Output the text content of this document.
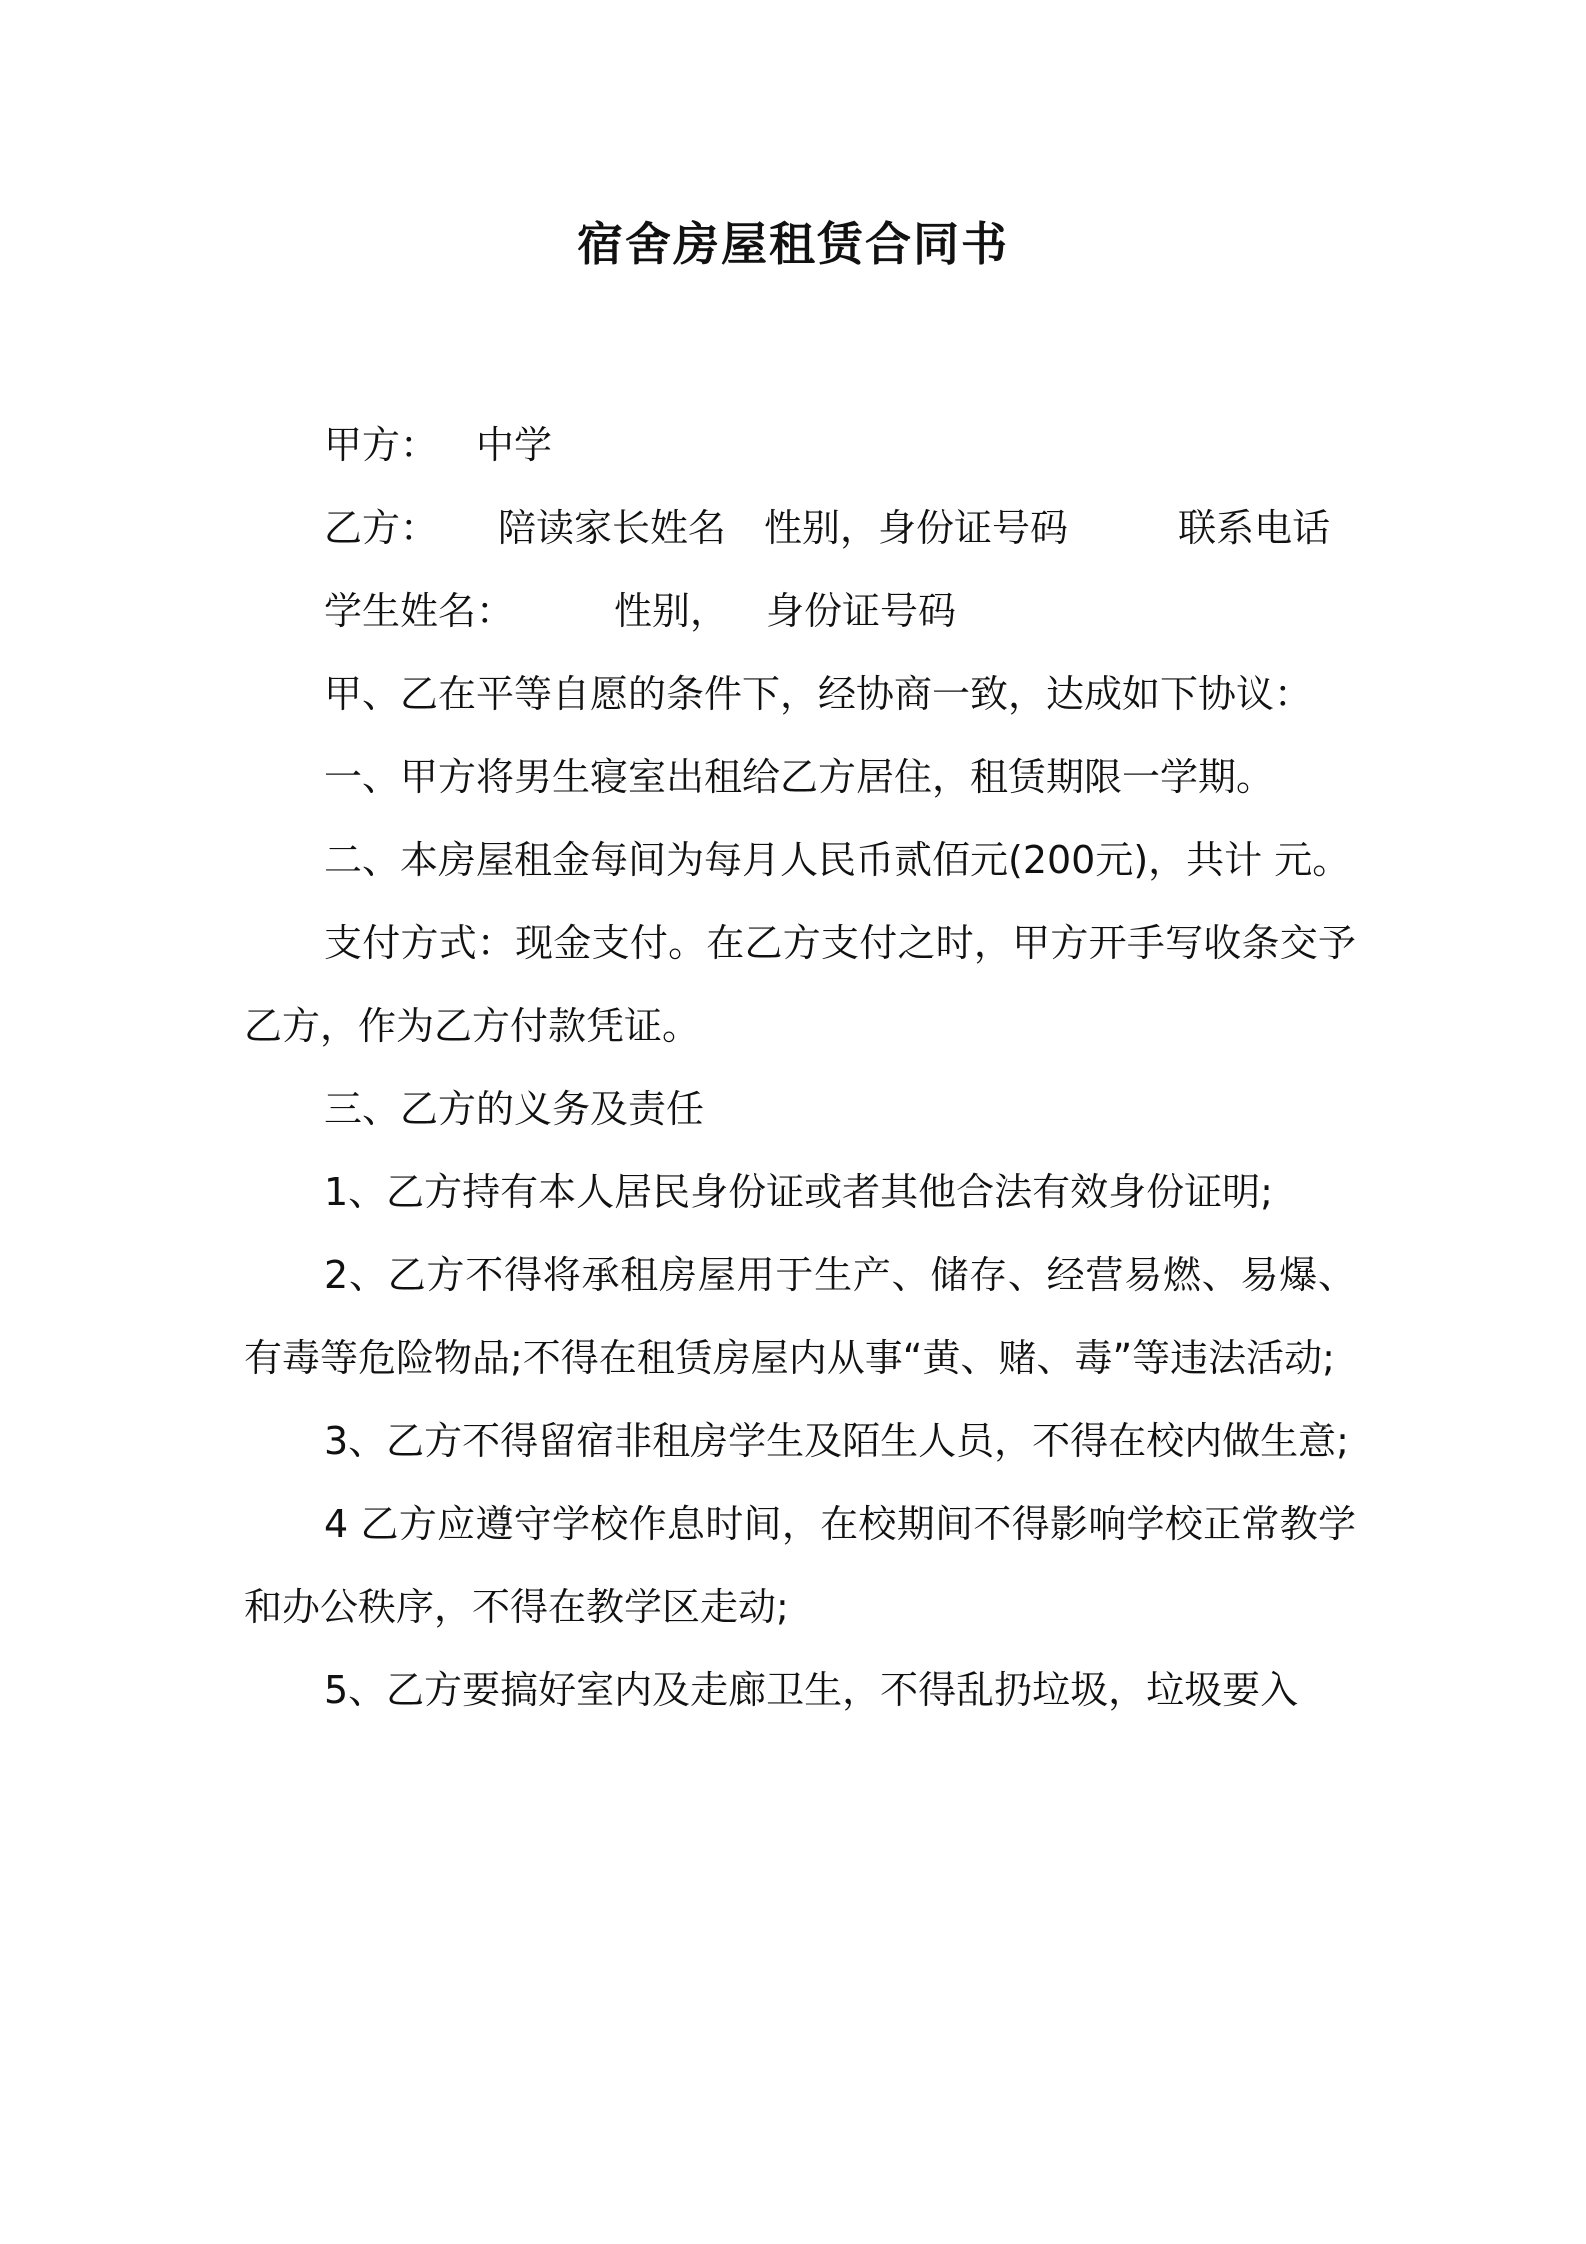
宿舍房屋租赁合同书

甲方： 中学

乙方： 陪读家长姓名 性别，身份证号码	联系电话

学生姓名：	性别， 身份证号码

甲、乙在平等自愿的条件下，经协商一致，达成如下协议：

一、甲方将男生寝室出租给乙方居住，租赁期限一学期。

二、本房屋租金每间为每月人民币贰佰元(200元)，共计 元。

支付方式：现金支付。在乙方支付之时，甲方开手写收条交予乙方，作为乙方付款凭证。

三、乙方的义务及责任

1、乙方持有本人居民身份证或者其他合法有效身份证明;

2、乙方不得将承租房屋用于生产、储存、经营易燃、易爆、有毒等危险物品;不得在租赁房屋内从事“黄、赌、毒”等违法活动;

3、乙方不得留宿非租房学生及陌生人员，不得在校内做生意;

4 乙方应遵守学校作息时间，在校期间不得影响学校正常教学和办公秩序，不得在教学区走动;

5、乙方要搞好室内及走廊卫生，不得乱扔垃圾，垃圾要入
